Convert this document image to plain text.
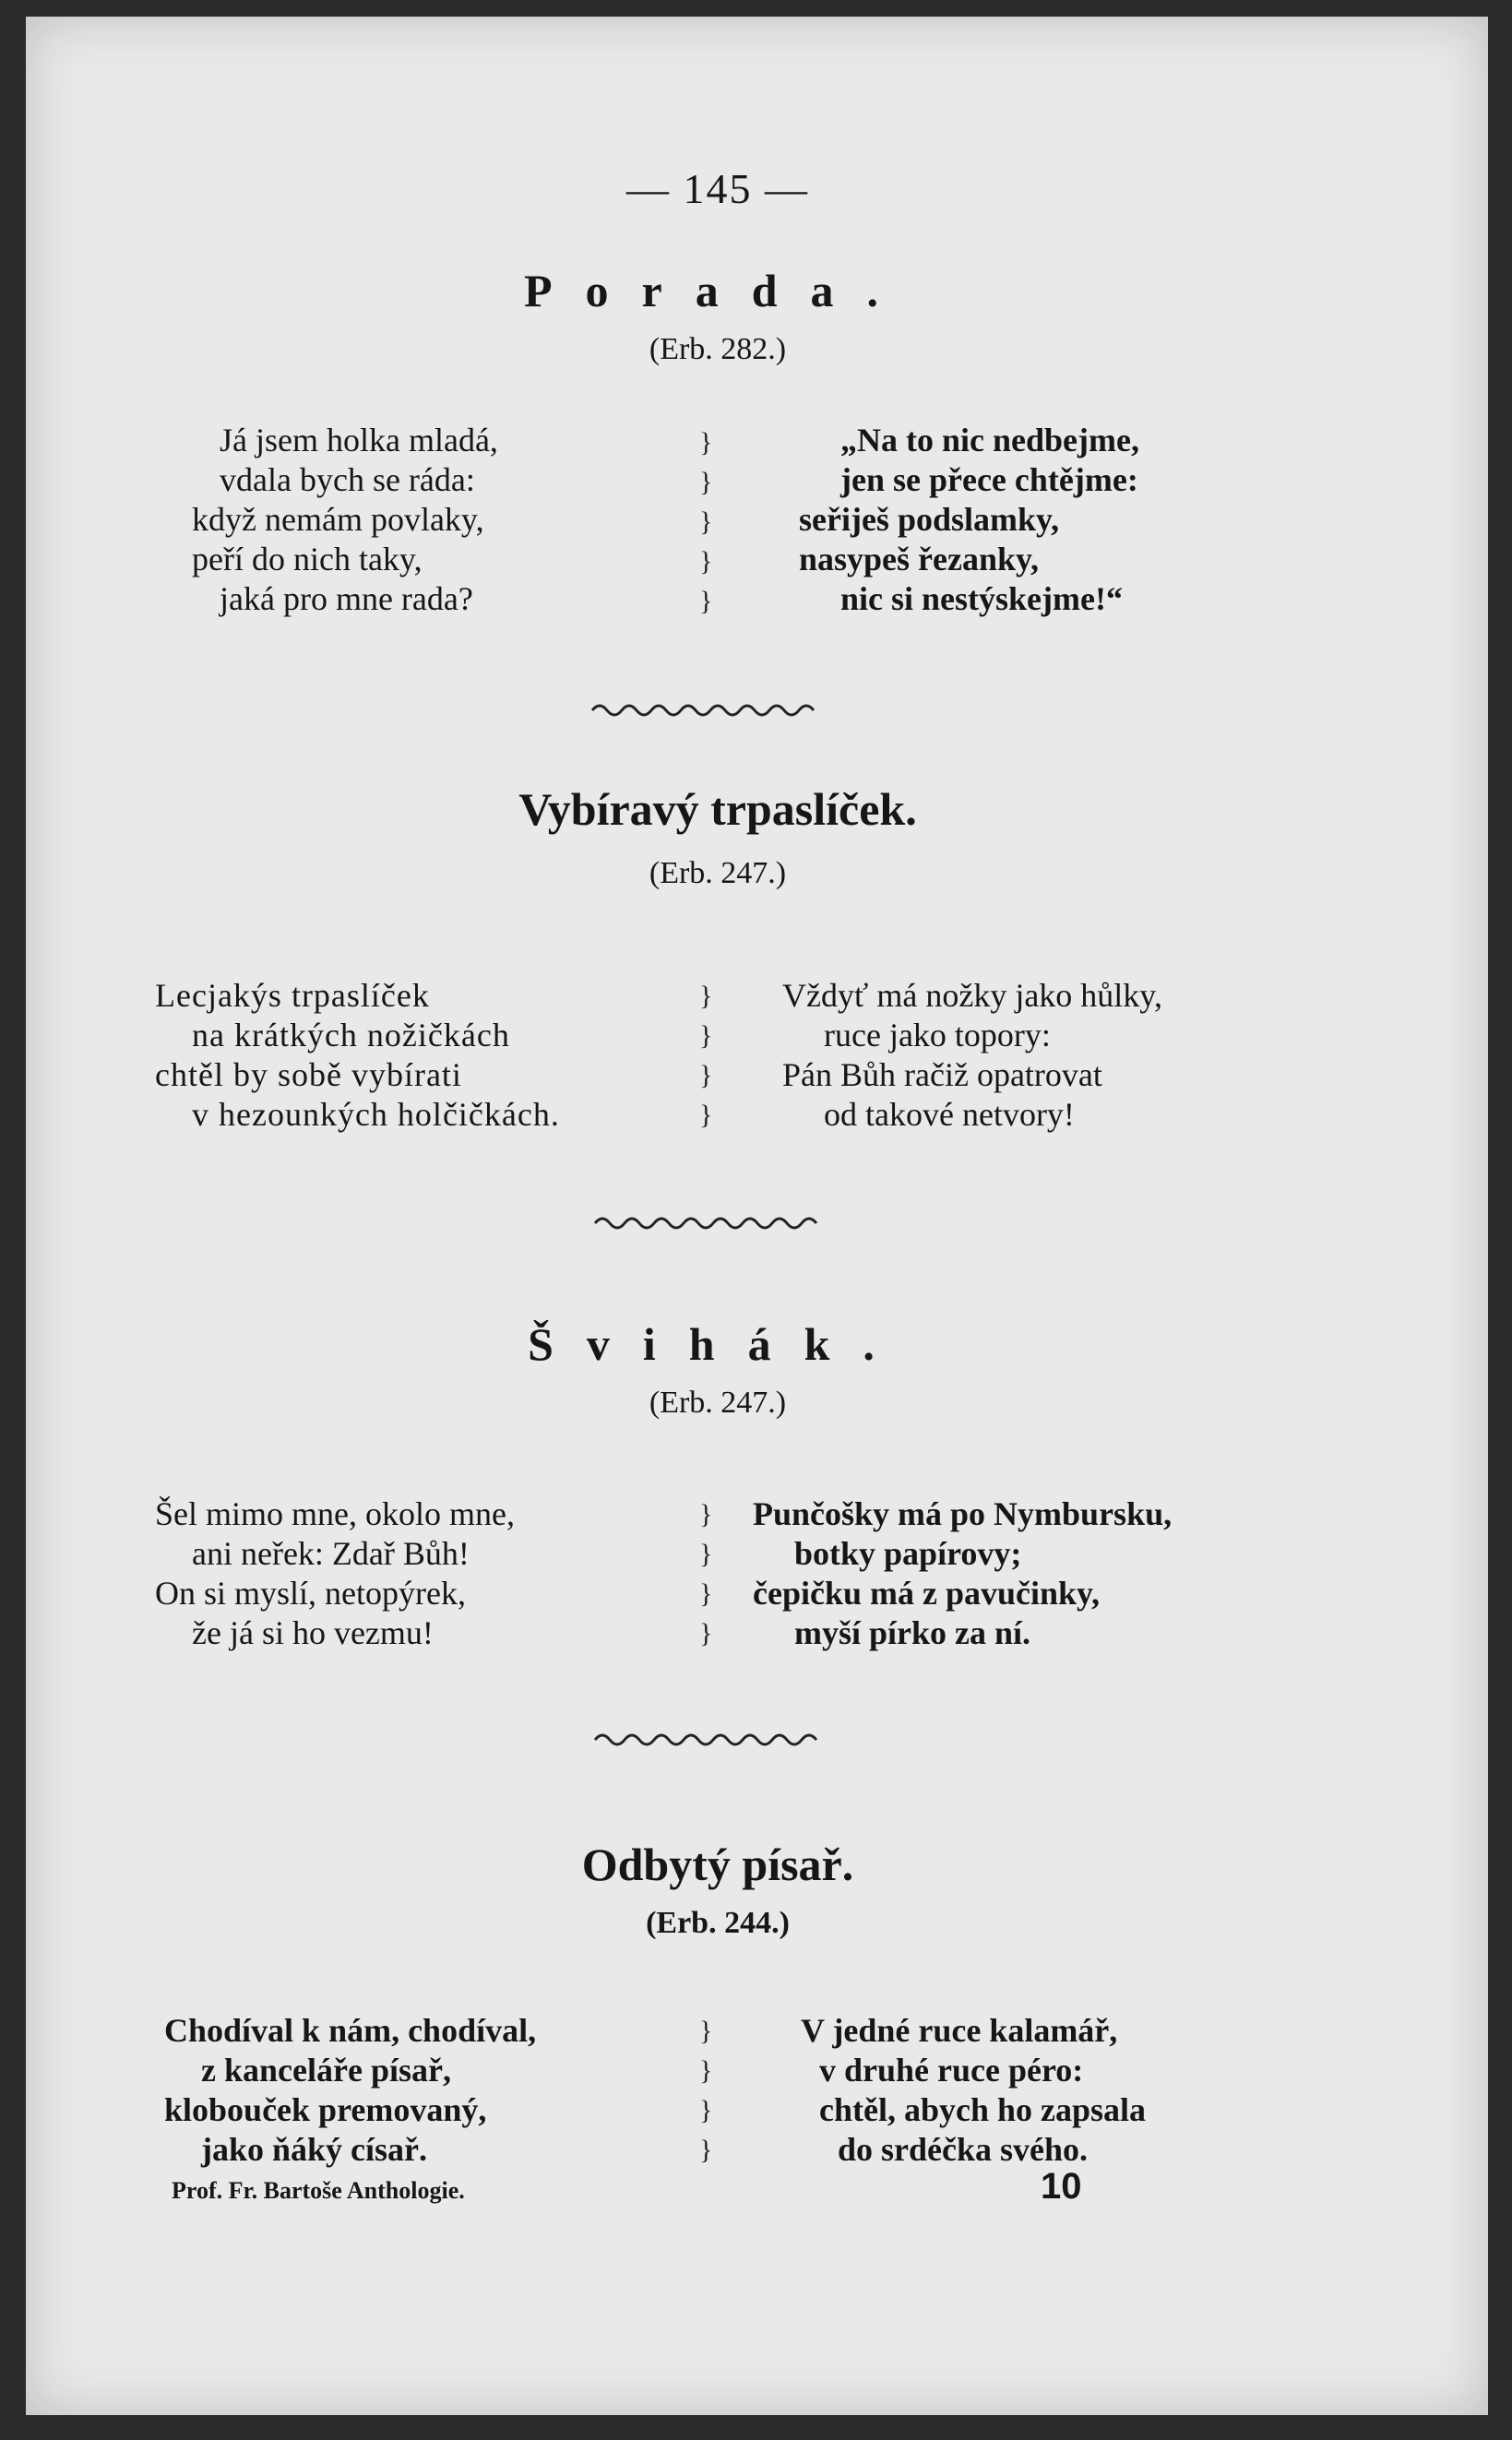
— 145 —
Porada.
(Erb. 282.)
Já jsem holka mladá,
vdala bych se ráda:
když nemám povlaky,
peří do nich taky,
jaká pro mne rada?
}
}
}
}
}
„Na to nic nedbejme,
jen se přece chtějme:
seřiješ podslamky,
nasypeš řezanky,
nic si nestýskejme!“
Vybíravý trpaslíček.
(Erb. 247.)
Lecjakýs trpaslíček
na krátkých nožičkách
chtěl by sobě vybírati
v hezounkých holčičkách.
}
}
}
}
Vždyť má nožky jako hůlky,
ruce jako topory:
Pán Bůh račiž opatrovat
od takové netvory!
Švihák.
(Erb. 247.)
Šel mimo mne, okolo mne,
ani neřek: Zdař Bůh!
On si myslí, netopýrek,
že já si ho vezmu!
}
}
}
}
Punčošky má po Nymbursku,
botky papírovy;
čepičku má z pavučinky,
myší pírko za ní.
Odbytý písař.
(Erb. 244.)
Chodíval k nám, chodíval,
z kanceláře písař,
klobouček premovaný,
jako ňáký císař.
}
}
}
}
V jedné ruce kalamář,
v druhé ruce péro:
chtěl, abych ho zapsala
do srdéčka svého.
Prof. Fr. Bartoše Anthologie.	10
